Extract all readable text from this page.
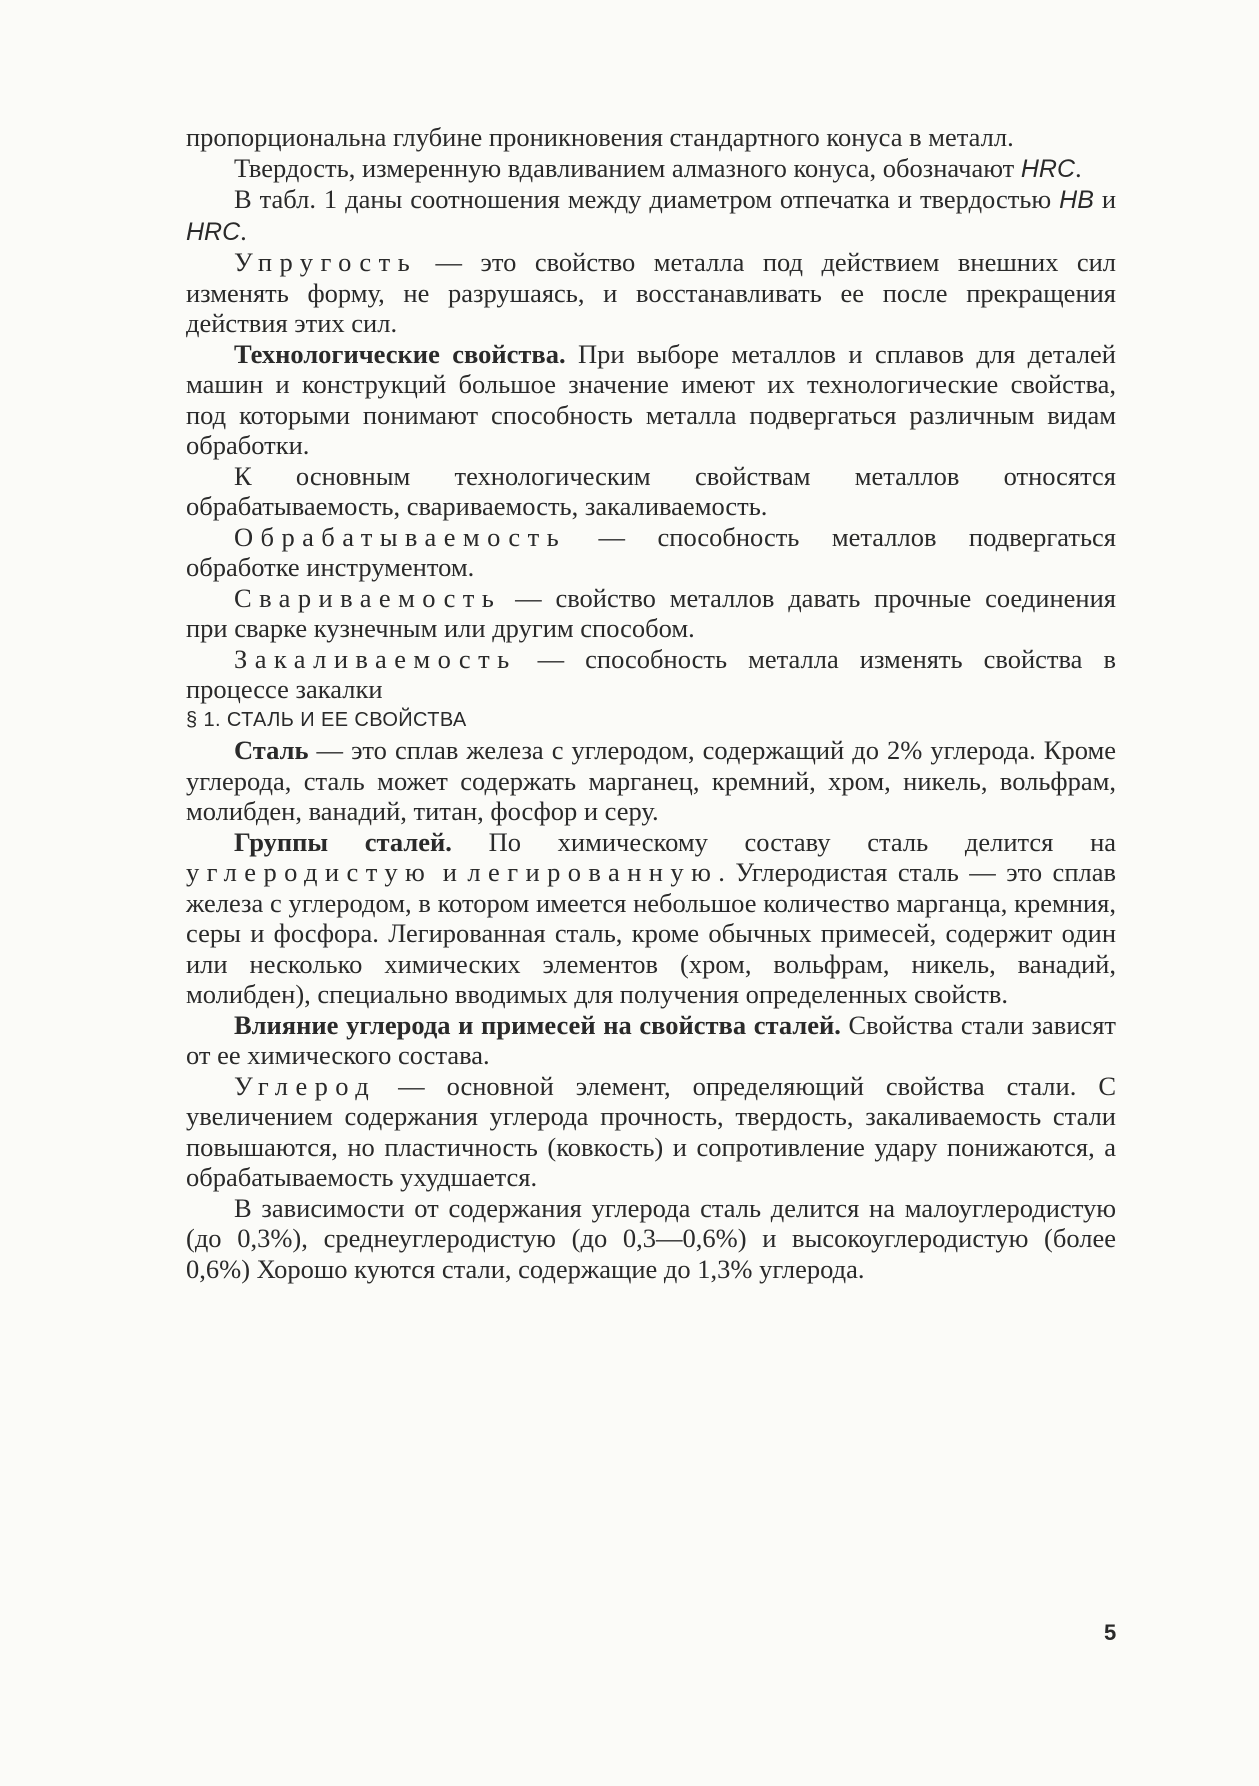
пропорциональна глубине проникновения стандартного конуса в металл.

Твердость, измеренную вдавливанием алмазного конуса, обозначают HRC.

В табл. 1 даны соотношения между диаметром отпечатка и твердостью HB и HRC.

Упругость — это свойство металла под действием внешних сил изменять форму, не разрушаясь, и восстанавливать ее после прекращения действия этих сил.

Технологические свойства. При выборе металлов и сплавов для деталей машин и конструкций большое значение имеют их технологические свойства, под которыми понимают способность металла подвергаться различным видам обработки.

К основным технологическим свойствам металлов относятся обрабатываемость, свариваемость, закаливаемость.

Обрабатываемость — способность металлов подвергаться обработке инструментом.

Свариваемость — свойство металлов давать прочные соединения при сварке кузнечным или другим способом.

Закаливаемость — способность металла изменять свойства в процессе закалки

§ 1. СТАЛЬ И ЕЕ СВОЙСТВА

Сталь — это сплав железа с углеродом, содержащий до 2% углерода. Кроме углерода, сталь может содержать марганец, кремний, хром, никель, вольфрам, молибден, ванадий, титан, фосфор и серу.

Группы сталей. По химическому составу сталь делится на углеродистую и легированную. Углеродистая сталь — это сплав железа с углеродом, в котором имеется небольшое количество марганца, кремния, серы и фосфора. Легированная сталь, кроме обычных примесей, содержит один или несколько химических элементов (хром, вольфрам, никель, ванадий, молибден), специально вводимых для получения определенных свойств.

Влияние углерода и примесей на свойства сталей. Свойства стали зависят от ее химического состава.

Углерод — основной элемент, определяющий свойства стали. С увеличением содержания углерода прочность, твердость, закаливаемость стали повышаются, но пластичность (ковкость) и сопротивление удару понижаются, а обрабатываемость ухудшается.

В зависимости от содержания углерода сталь делится на малоуглеродистую (до 0,3%), среднеуглеродистую (до 0,3—0,6%) и высокоуглеродистую (более 0,6%) Хорошо куются стали, содержащие до 1,3% углерода.

5
